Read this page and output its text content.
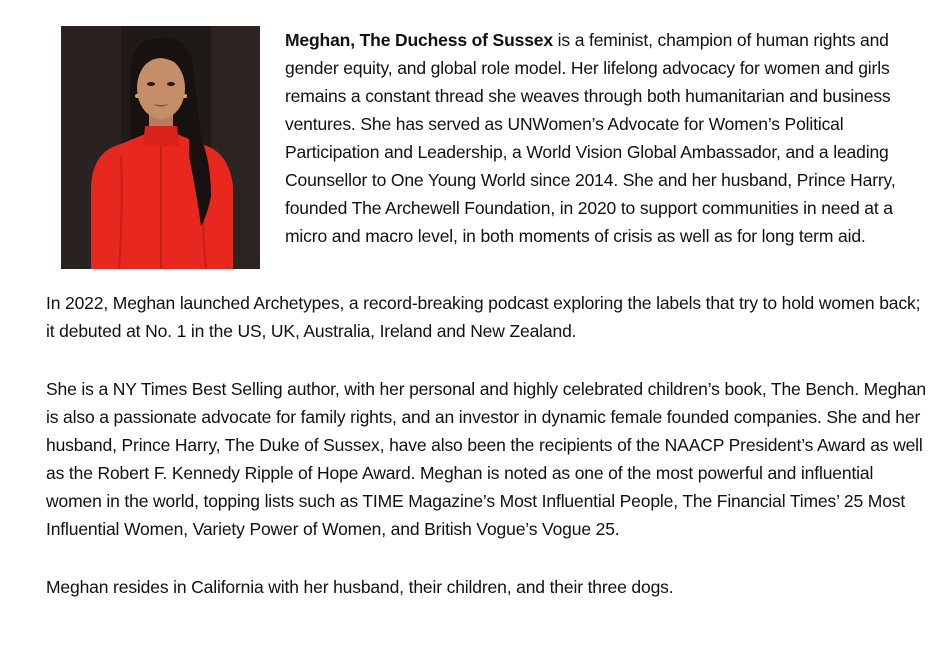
Meghan, The Duchess of Sussex is a feminist, champion of human rights and gender equity, and global role model. Her lifelong advocacy for women and girls remains a constant thread she weaves through both humanitarian and business ventures. She has served as UNWomen’s Advocate for Women’s Political Participation and Leadership, a World Vision Global Ambassador, and a leading Counsellor to One Young World since 2014. She and her husband, Prince Harry, founded The Archewell Foundation, in 2020 to support communities in need at a micro and macro level, in both moments of crisis as well as for long term aid.

In 2022, Meghan launched Archetypes, a record-breaking podcast exploring the labels that try to hold women back; it debuted at No. 1 in the US, UK, Australia, Ireland and New Zealand.

She is a NY Times Best Selling author, with her personal and highly celebrated children’s book, The Bench. Meghan is also a passionate advocate for family rights, and an investor in dynamic female founded companies. She and her husband, Prince Harry, The Duke of Sussex, have also been the recipients of the NAACP President’s Award as well as the Robert F. Kennedy Ripple of Hope Award. Meghan is noted as one of the most powerful and influential women in the world, topping lists such as TIME Magazine’s Most Influential People, The Financial Times’ 25 Most Influential Women, Variety Power of Women, and British Vogue’s Vogue 25.

Meghan resides in California with her husband, their children, and their three dogs.
